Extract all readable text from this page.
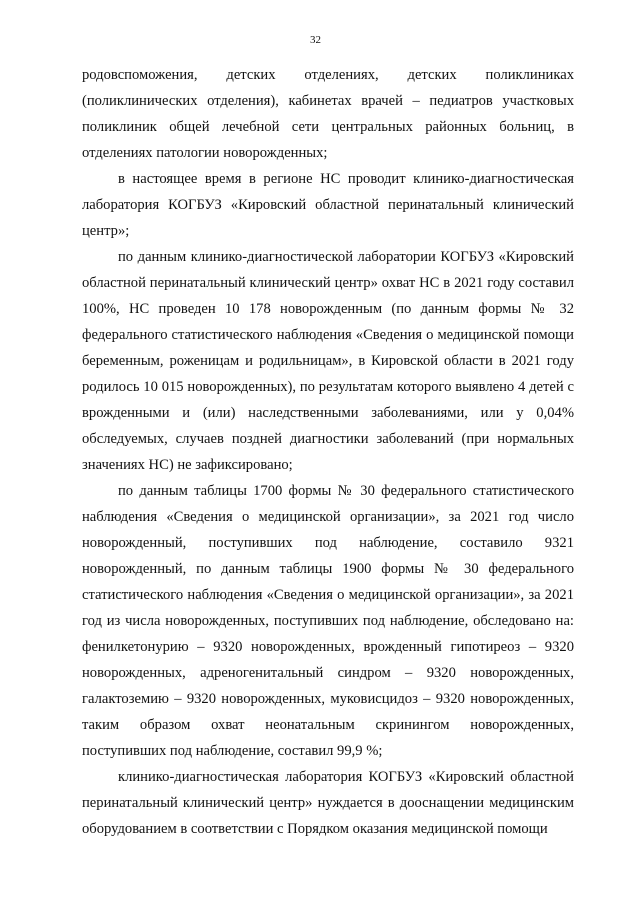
32

родовспоможения, детских отделениях, детских поликлиниках (поликлинических отделения), кабинетах врачей – педиатров участковых поликлиник общей лечебной сети центральных районных больниц, в отделениях патологии новорожденных;

в настоящее время в регионе НС проводит клинико-диагностическая лаборатория КОГБУЗ «Кировский областной перинатальный клинический центр»;

по данным клинико-диагностической лаборатории КОГБУЗ «Кировский областной перинатальный клинический центр» охват НС в 2021 году составил 100%, НС проведен 10 178 новорожденным (по данным формы № 32 федерального статистического наблюдения «Сведения о медицинской помощи беременным, роженицам и родильницам», в Кировской области в 2021 году родилось 10 015 новорожденных), по результатам которого выявлено 4 детей с врожденными и (или) наследственными заболеваниями, или у 0,04% обследуемых, случаев поздней диагностики заболеваний (при нормальных значениях НС) не зафиксировано;

по данным таблицы 1700 формы № 30 федерального статистического наблюдения «Сведения о медицинской организации», за 2021 год число новорожденный, поступивших под наблюдение, составило 9321 новорожденный, по данным таблицы 1900 формы № 30 федерального статистического наблюдения «Сведения о медицинской организации», за 2021 год из числа новорожденных, поступивших под наблюдение, обследовано на: фенилкетонурию – 9320 новорожденных, врожденный гипотиреоз – 9320 новорожденных, адреногенитальный синдром – 9320 новорожденных, галактоземию – 9320 новорожденных, муковисцидоз – 9320 новорожденных, таким образом охват неонатальным скринингом новорожденных, поступивших под наблюдение, составил 99,9 %;

клинико-диагностическая лаборатория КОГБУЗ «Кировский областной перинатальный клинический центр» нуждается в дооснащении медицинским оборудованием в соответствии с Порядком оказания медицинской помощи
